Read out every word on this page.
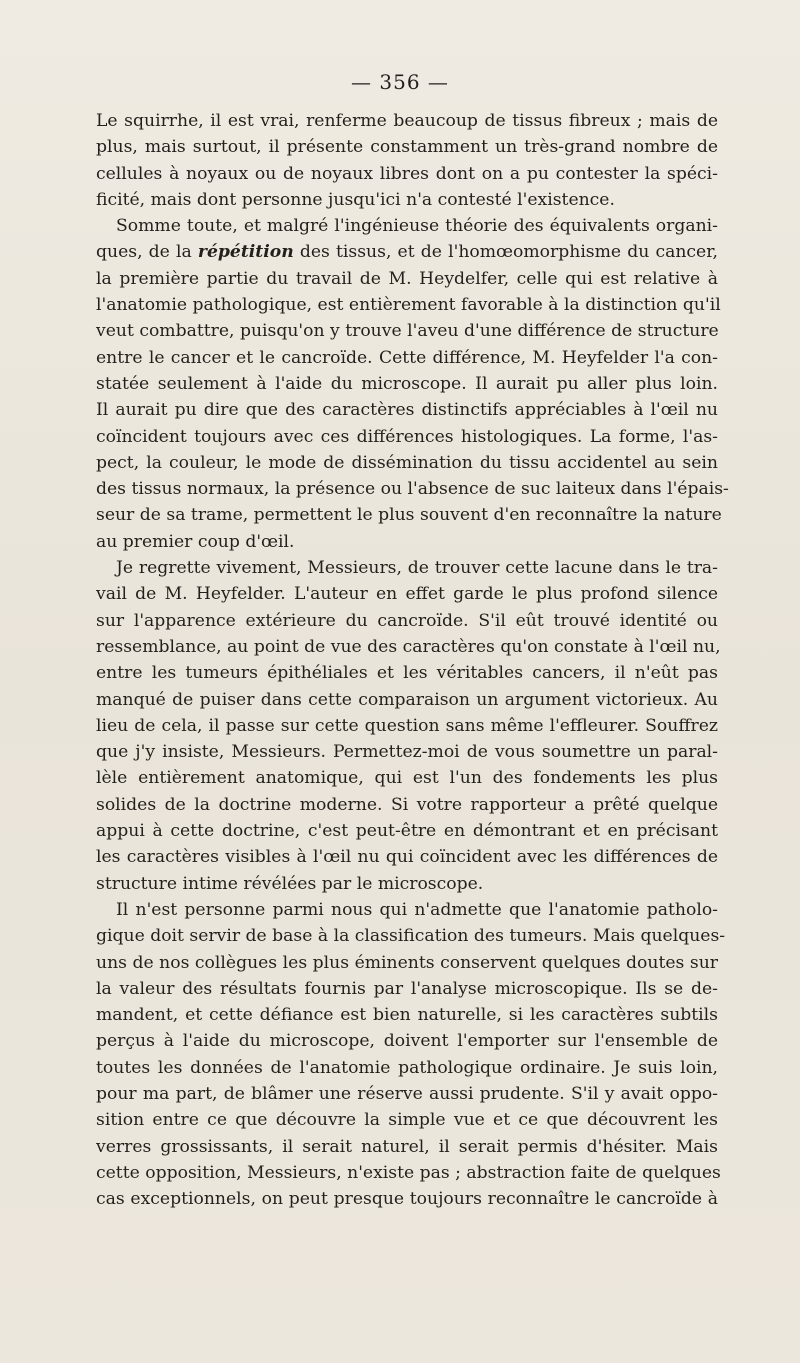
— 356 —
Le squirrhe, il est vrai, renferme beaucoup de tissus fibreux ; mais de
plus, mais surtout, il présente constamment un très-grand nombre de
cellules à noyaux ou de noyaux libres dont on a pu contester la spéci-
ficité, mais dont personne jusqu'ici n'a contesté l'existence.
Somme toute, et malgré l'ingénieuse théorie des équivalents organi-
ques, de la répétition des tissus, et de l'homœomorphisme du cancer,
la première partie du travail de M. Heydelfer, celle qui est relative à
l'anatomie pathologique, est entièrement favorable à la distinction qu'il
veut combattre, puisqu'on y trouve l'aveu d'une différence de structure
entre le cancer et le cancroïde. Cette différence, M. Heyfelder l'a con-
statée seulement à l'aide du microscope. Il aurait pu aller plus loin.
Il aurait pu dire que des caractères distinctifs appréciables à l'œil nu
coïncident toujours avec ces différences histologiques. La forme, l'as-
pect, la couleur, le mode de dissémination du tissu accidentel au sein
des tissus normaux, la présence ou l'absence de suc laiteux dans l'épais-
seur de sa trame, permettent le plus souvent d'en reconnaître la nature
au premier coup d'œil.
Je regrette vivement, Messieurs, de trouver cette lacune dans le tra-
vail de M. Heyfelder. L'auteur en effet garde le plus profond silence
sur l'apparence extérieure du cancroïde. S'il eût trouvé identité ou
ressemblance, au point de vue des caractères qu'on constate à l'œil nu,
entre les tumeurs épithéliales et les véritables cancers, il n'eût pas
manqué de puiser dans cette comparaison un argument victorieux. Au
lieu de cela, il passe sur cette question sans même l'effleurer. Souffrez
que j'y insiste, Messieurs. Permettez-moi de vous soumettre un paral-
lèle entièrement anatomique, qui est l'un des fondements les plus
solides de la doctrine moderne. Si votre rapporteur a prêté quelque
appui à cette doctrine, c'est peut-être en démontrant et en précisant
les caractères visibles à l'œil nu qui coïncident avec les différences de
structure intime révélées par le microscope.
Il n'est personne parmi nous qui n'admette que l'anatomie patholo-
gique doit servir de base à la classification des tumeurs. Mais quelques-
uns de nos collègues les plus éminents conservent quelques doutes sur
la valeur des résultats fournis par l'analyse microscopique. Ils se de-
mandent, et cette défiance est bien naturelle, si les caractères subtils
perçus à l'aide du microscope, doivent l'emporter sur l'ensemble de
toutes les données de l'anatomie pathologique ordinaire. Je suis loin,
pour ma part, de blâmer une réserve aussi prudente. S'il y avait oppo-
sition entre ce que découvre la simple vue et ce que découvrent les
verres grossissants, il serait naturel, il serait permis d'hésiter. Mais
cette opposition, Messieurs, n'existe pas ; abstraction faite de quelques
cas exceptionnels, on peut presque toujours reconnaître le cancroïde à
